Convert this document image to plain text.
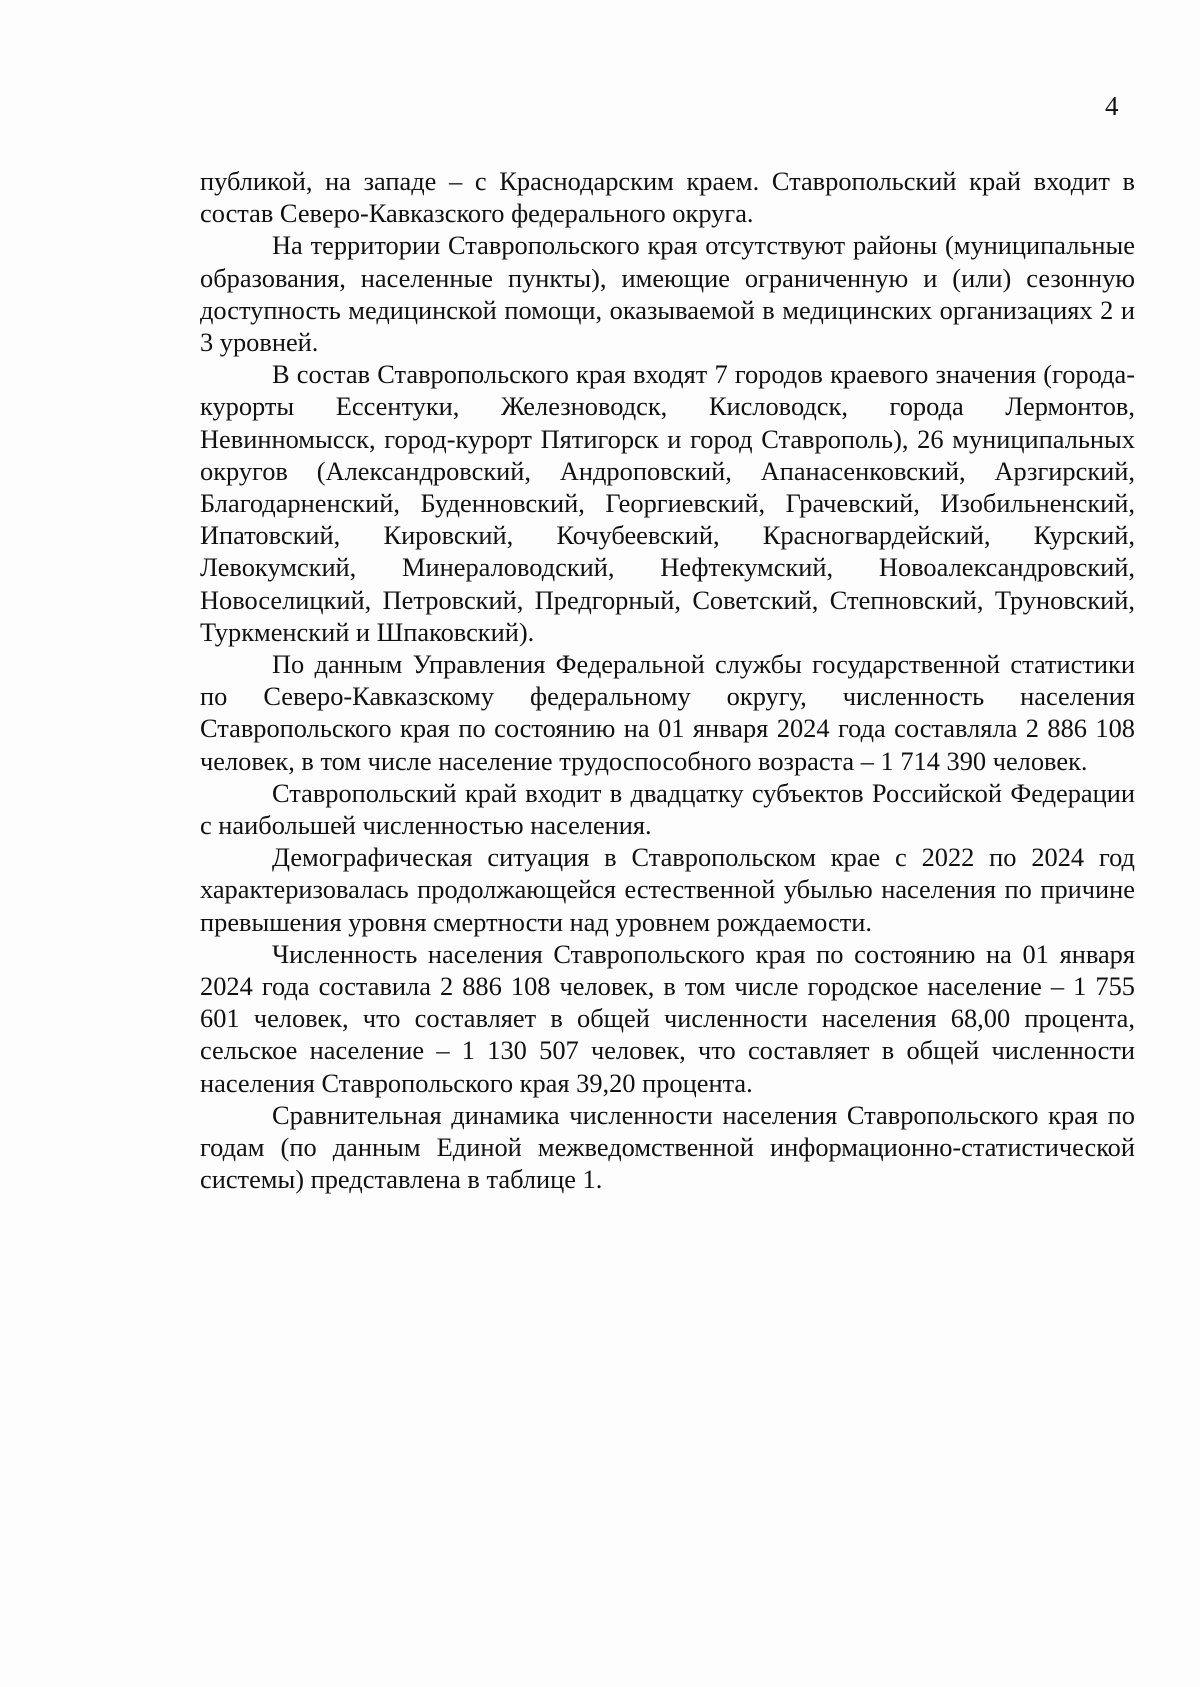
4

публикой, на западе – с Краснодарским краем. Ставропольский край входит в состав Северо-Кавказского федерального округа.

На территории Ставропольского края отсутствуют районы (муниципальные образования, населенные пункты), имеющие ограниченную и (или) сезонную доступность медицинской помощи, оказываемой в медицинских организациях 2 и 3 уровней.

В состав Ставропольского края входят 7 городов краевого значения (города-курорты Ессентуки, Железноводск, Кисловодск, города Лермонтов, Невинномысск, город-курорт Пятигорск и город Ставрополь), 26 муниципальных округов (Александровский, Андроповский, Апанасенковский, Арзгирский, Благодарненский, Буденновский, Георгиевский, Грачевский, Изобильненский, Ипатовский, Кировский, Кочубеевский, Красногвардейский, Курский, Левокумский, Минераловодский, Нефтекумский, Новоалександровский, Новоселицкий, Петровский, Предгорный, Советский, Степновский, Труновский, Туркменский и Шпаковский).

По данным Управления Федеральной службы государственной статистики по Северо-Кавказскому федеральному округу, численность населения Ставропольского края по состоянию на 01 января 2024 года составляла 2 886 108 человек, в том числе население трудоспособного возраста – 1 714 390 человек.

Ставропольский край входит в двадцатку субъектов Российской Федерации с наибольшей численностью населения.

Демографическая ситуация в Ставропольском крае с 2022 по 2024 год характеризовалась продолжающейся естественной убылью населения по причине превышения уровня смертности над уровнем рождаемости.

Численность населения Ставропольского края по состоянию на 01 января 2024 года составила 2 886 108 человек, в том числе городское население – 1 755 601 человек, что составляет в общей численности населения 68,00 процента, сельское население – 1 130 507 человек, что составляет в общей численности населения Ставропольского края 39,20 процента.

Сравнительная динамика численности населения Ставропольского края по годам (по данным Единой межведомственной информационно-статистической системы) представлена в таблице 1.
